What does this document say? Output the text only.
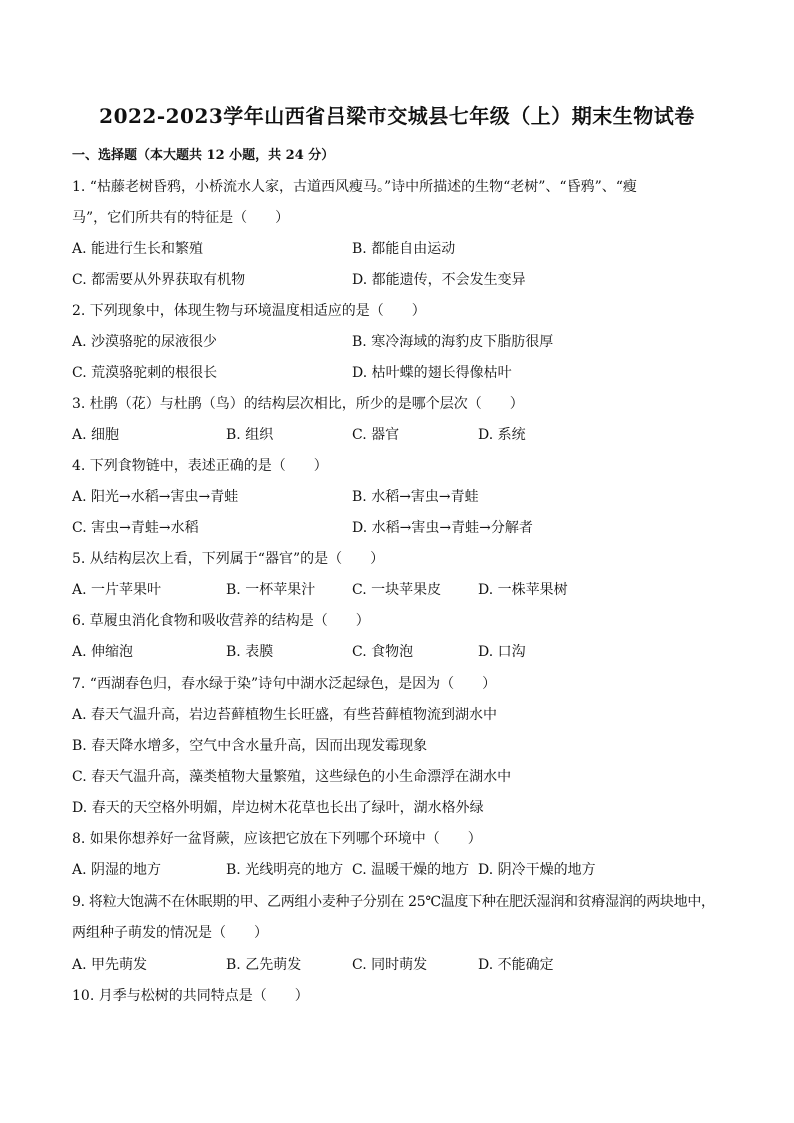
2022-2023学年山西省吕梁市交城县七年级（上）期末生物试卷
一、选择题（本大题共 12 小题，共 24 分）
1. “枯藤老树昏鸦，小桥流水人家，古道西风瘦马。”诗中所描述的生物“老树”、“昏鸦”、“瘦
马”，它们所共有的特征是（　　）
A. 能进行生长和繁殖	B. 都能自由运动
C. 都需要从外界获取有机物	D. 都能遗传，不会发生变异
2. 下列现象中，体现生物与环境温度相适应的是（　　）
A. 沙漠骆驼的尿液很少	B. 寒冷海域的海豹皮下脂肪很厚
C. 荒漠骆驼刺的根很长	D. 枯叶蝶的翅长得像枯叶
3. 杜鹃（花）与杜鹃（鸟）的结构层次相比，所少的是哪个层次（　　）
A. 细胞	B. 组织	C. 器官	D. 系统
4. 下列食物链中，表述正确的是（　　）
A. 阳光→水稻→害虫→青蛙	B. 水稻→害虫→青蛙
C. 害虫→青蛙→水稻	D. 水稻→害虫→青蛙→分解者
5. 从结构层次上看，下列属于“器官”的是（　　）
A. 一片苹果叶	B. 一杯苹果汁	C. 一块苹果皮	D. 一株苹果树
6. 草履虫消化食物和吸收营养的结构是（　　）
A. 伸缩泡	B. 表膜	C. 食物泡	D. 口沟
7. “西湖春色归，春水绿于染”诗句中湖水泛起绿色，是因为（　　）
A. 春天气温升高，岩边苔藓植物生长旺盛，有些苔藓植物流到湖水中
B. 春天降水增多，空气中含水量升高，因而出现发霉现象
C. 春天气温升高，藻类植物大量繁殖，这些绿色的小生命漂浮在湖水中
D. 春天的天空格外明媚，岸边树木花草也长出了绿叶，湖水格外绿
8. 如果你想养好一盆肾蕨，应该把它放在下列哪个环境中（　　）
A. 阴湿的地方	B. 光线明亮的地方 C. 温暖干燥的地方 D. 阴冷干燥的地方
9. 将粒大饱满不在休眠期的甲、乙两组小麦种子分别在 25℃温度下种在肥沃湿润和贫瘠湿润的两块地中，
两组种子萌发的情况是（　　）
A. 甲先萌发	B. 乙先萌发	C. 同时萌发	D. 不能确定
10. 月季与松树的共同特点是（　　）
